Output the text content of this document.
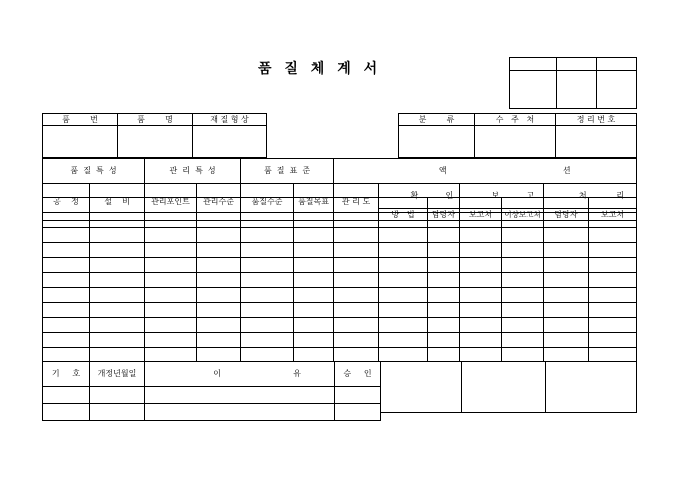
품 질 체 계 서

품        번	품        명	재 질 형 상
			분        류	수   주   처	정 리 번 호

품  질  특  성		관  리  특  성		품  질  표  준		액 션						

공    정	설    비	관리포인트	관리수준	품질수준	품질목표	관 리 도	확 인		보 고		처 리	

							방   법	담당자	보고처	이상보고처	담당자	보고처

기     호	개정년월일	이 유	승     인
